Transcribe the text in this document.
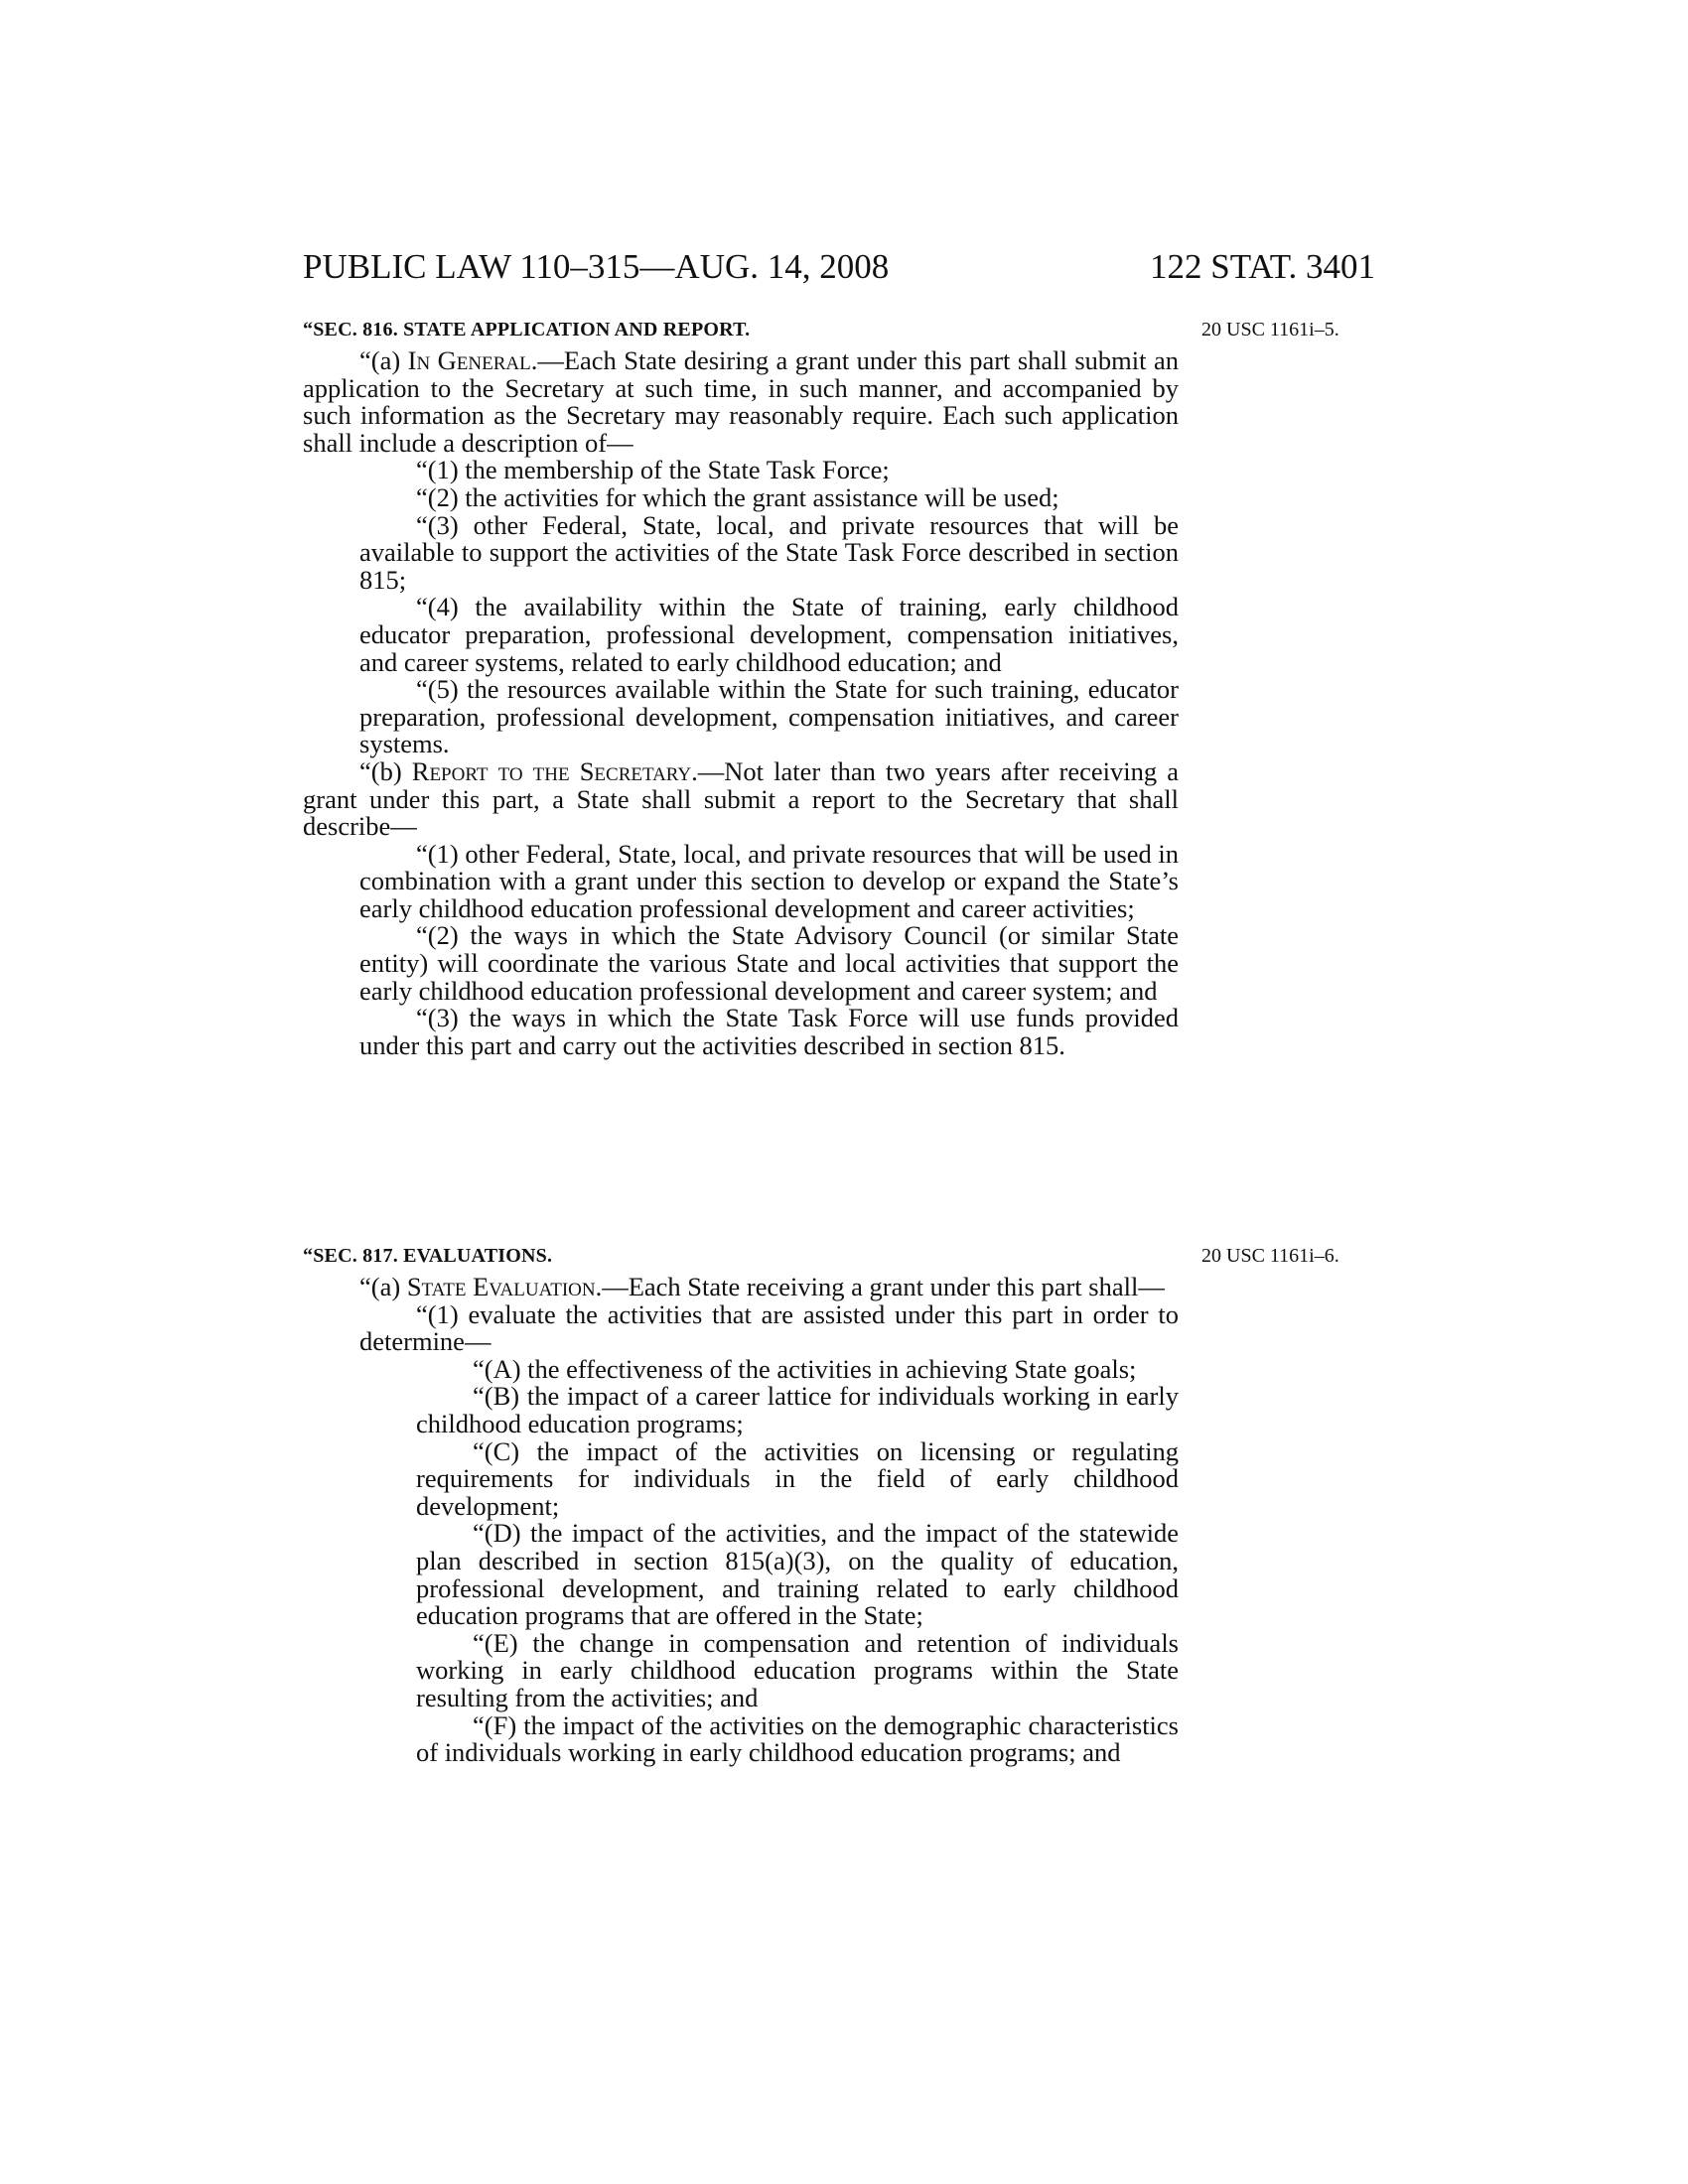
PUBLIC LAW 110–315—AUG. 14, 2008	122 STAT. 3401
20 USC 1161i–5.
20 USC 1161i–6.

“SEC. 816. STATE APPLICATION AND REPORT.

“(a) In General.—Each State desiring a grant under this part shall submit an application to the Secretary at such time, in such manner, and accompanied by such information as the Secretary may reasonably require. Each such application shall include a description of—

“(1) the membership of the State Task Force;

“(2) the activities for which the grant assistance will be used;

“(3) other Federal, State, local, and private resources that will be available to support the activities of the State Task Force described in section 815;

“(4) the availability within the State of training, early childhood educator preparation, professional development, compensation initiatives, and career systems, related to early childhood education; and

“(5) the resources available within the State for such training, educator preparation, professional development, compensation initiatives, and career systems.

“(b) Report to the Secretary.—Not later than two years after receiving a grant under this part, a State shall submit a report to the Secretary that shall describe—

“(1) other Federal, State, local, and private resources that will be used in combination with a grant under this section to develop or expand the State’s early childhood education professional development and career activities;

“(2) the ways in which the State Advisory Council (or similar State entity) will coordinate the various State and local activities that support the early childhood education professional development and career system; and

“(3) the ways in which the State Task Force will use funds provided under this part and carry out the activities described in section 815.

“SEC. 817. EVALUATIONS.

“(a) State Evaluation.—Each State receiving a grant under this part shall—

“(1) evaluate the activities that are assisted under this part in order to determine—

“(A) the effectiveness of the activities in achieving State goals;

“(B) the impact of a career lattice for individuals working in early childhood education programs;

“(C) the impact of the activities on licensing or regulating requirements for individuals in the field of early childhood development;

“(D) the impact of the activities, and the impact of the statewide plan described in section 815(a)(3), on the quality of education, professional development, and training related to early childhood education programs that are offered in the State;

“(E) the change in compensation and retention of individuals working in early childhood education programs within the State resulting from the activities; and

“(F) the impact of the activities on the demographic characteristics of individuals working in early childhood education programs; and
